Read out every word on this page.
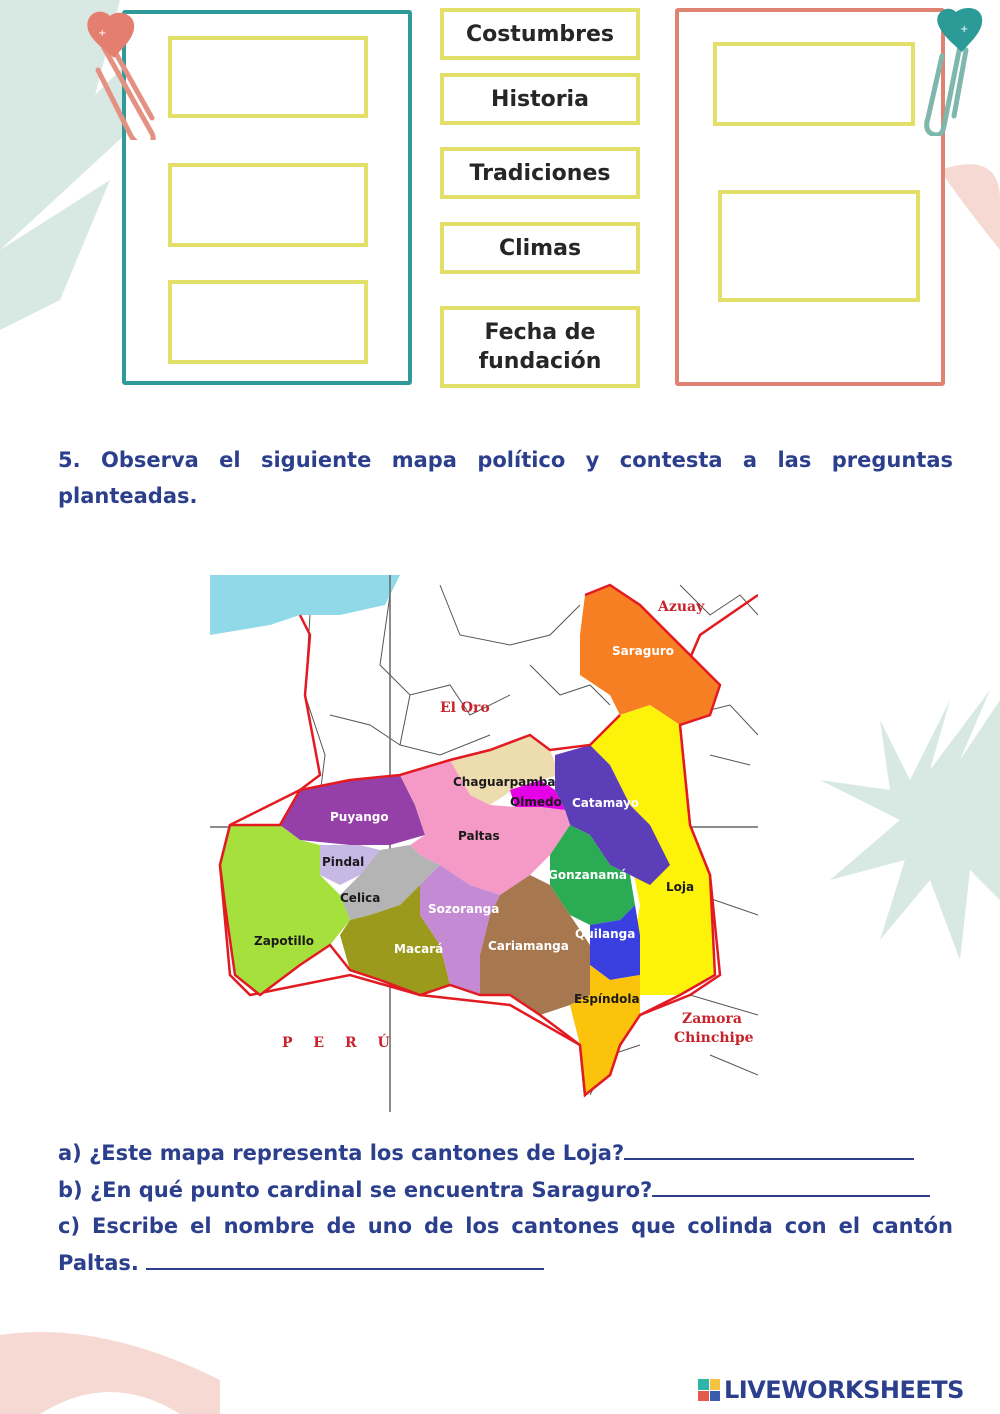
+	Costumbres
Historia
Tradiciones
Climas
Fecha de
fundación
+
5. Observa el siguiente mapa político y contesta a las preguntas planteadas.
Saraguro
Chaguarpamba
Olmedo Catamayo
Puyango
Paltas
Pindal
Celica
Zapotillo
Sozoranga
Macará	Cariamanga
Gonzanamá
Quilanga
Espíndola
Loja
Azuay
El Oro
P E R Ú
Zamora
Chinchipe
a) ¿Este mapa representa los cantones de Loja?
b) ¿En qué punto cardinal se encuentra Saraguro?
c) Escribe el nombre de uno de los cantones que colinda con el cantón
Paltas.
LIVEWORKSHEETS
